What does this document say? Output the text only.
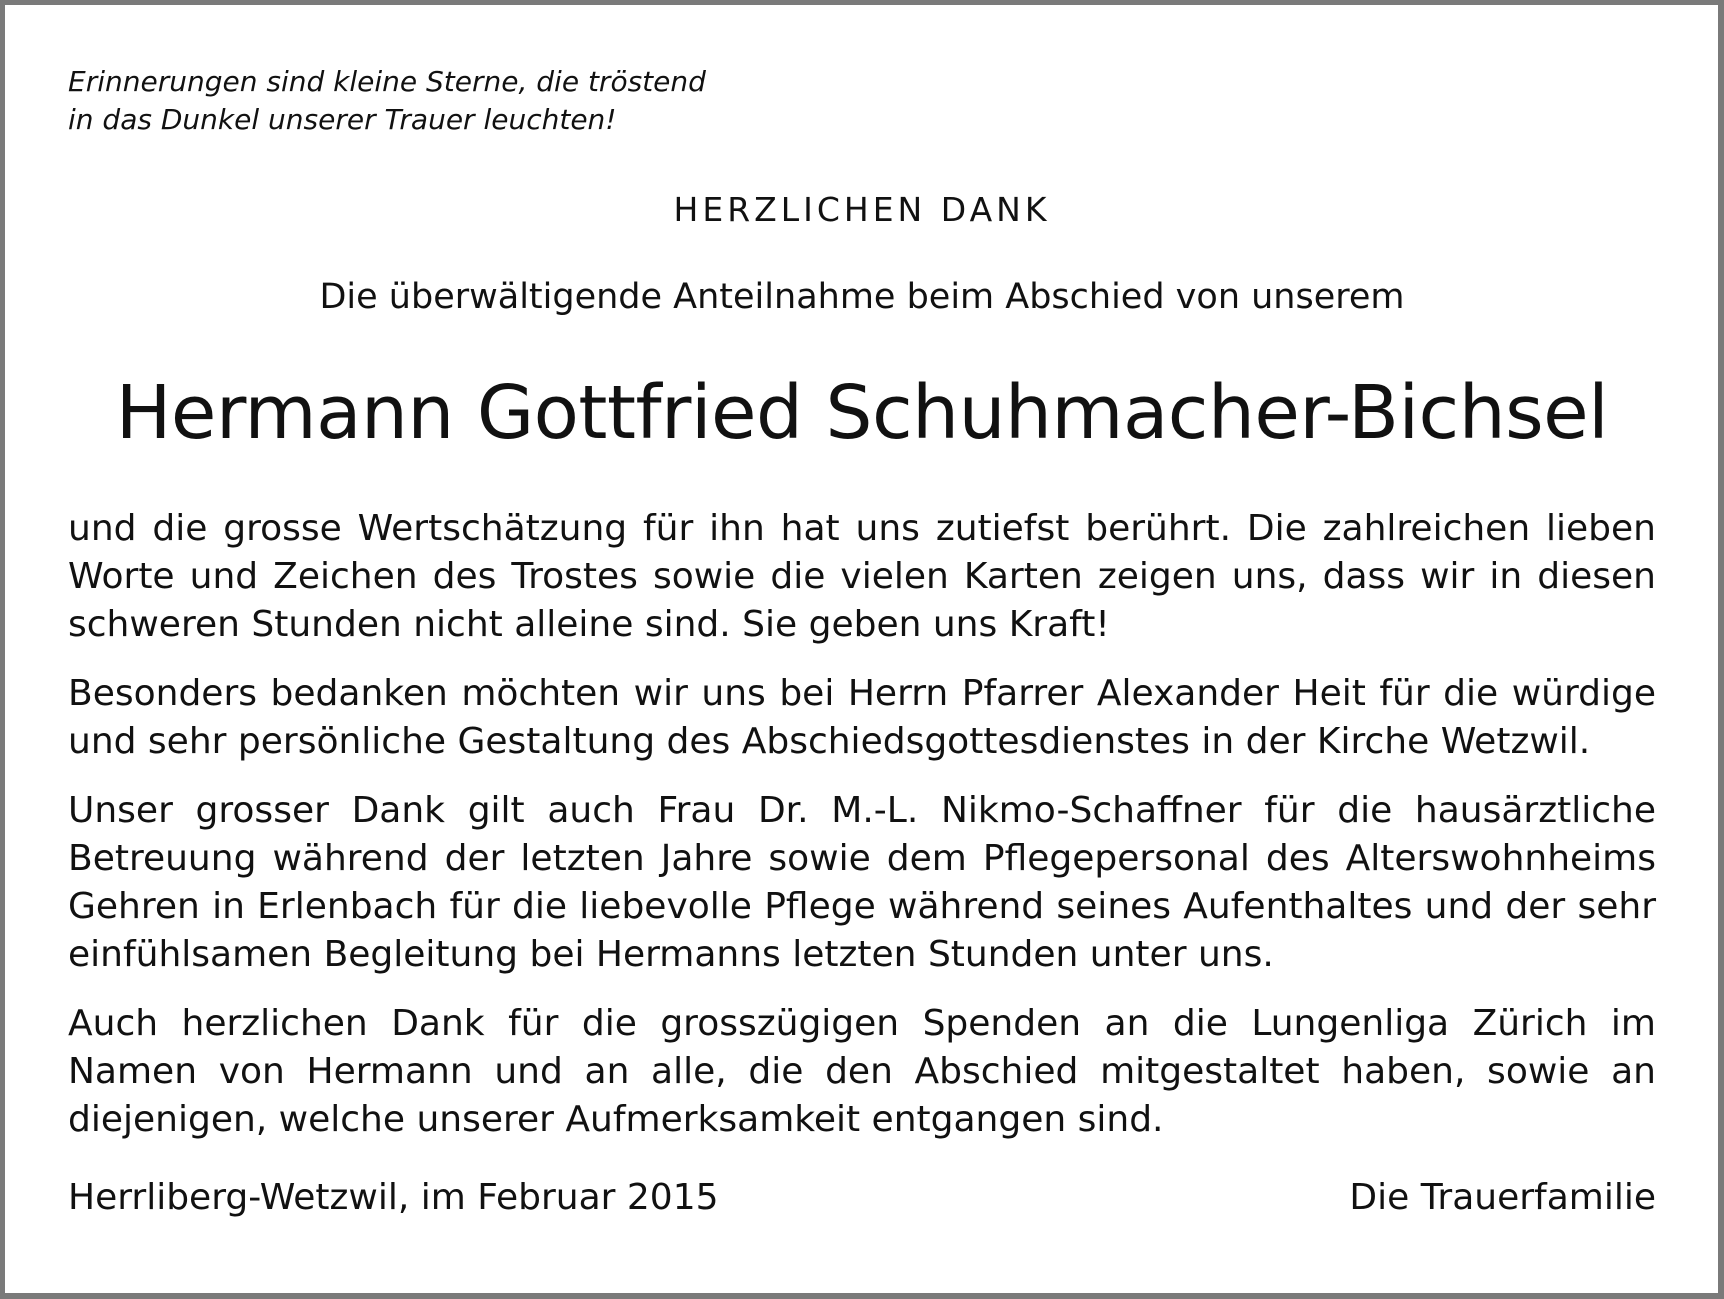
Erinnerungen sind kleine Sterne, die tröstend
in das Dunkel unserer Trauer leuchten!
HERZLICHEN DANK
Die überwältigende Anteilnahme beim Abschied von unserem
Hermann Gottfried Schuhmacher-Bichsel

und die grosse Wertschätzung für ihn hat uns zutiefst berührt. Die zahlreichen lieben Worte und Zeichen des Trostes sowie die vielen Karten zeigen uns, dass wir in diesen schweren Stunden nicht alleine sind. Sie geben uns Kraft!

Besonders bedanken möchten wir uns bei Herrn Pfarrer Alexander Heit für die würdige und sehr persönliche Gestaltung des Abschiedsgottesdienstes in der Kirche Wetzwil.

Unser grosser Dank gilt auch Frau Dr. M.-L. Nikmo-Schaffner für die hausärztliche Betreuung während der letzten Jahre sowie dem Pflegepersonal des Alterswohnheims Gehren in Erlenbach für die liebevolle Pflege während seines Aufenthaltes und der sehr einfühlsamen Begleitung bei Hermanns letzten Stunden unter uns.

Auch herzlichen Dank für die grosszügigen Spenden an die Lungenliga Zürich im Namen von Hermann und an alle, die den Abschied mitgestaltet haben, sowie an diejenigen, welche unserer Aufmerksamkeit entgangen sind.

Herrliberg-Wetzwil, im Februar 2015	Die Trauerfamilie
